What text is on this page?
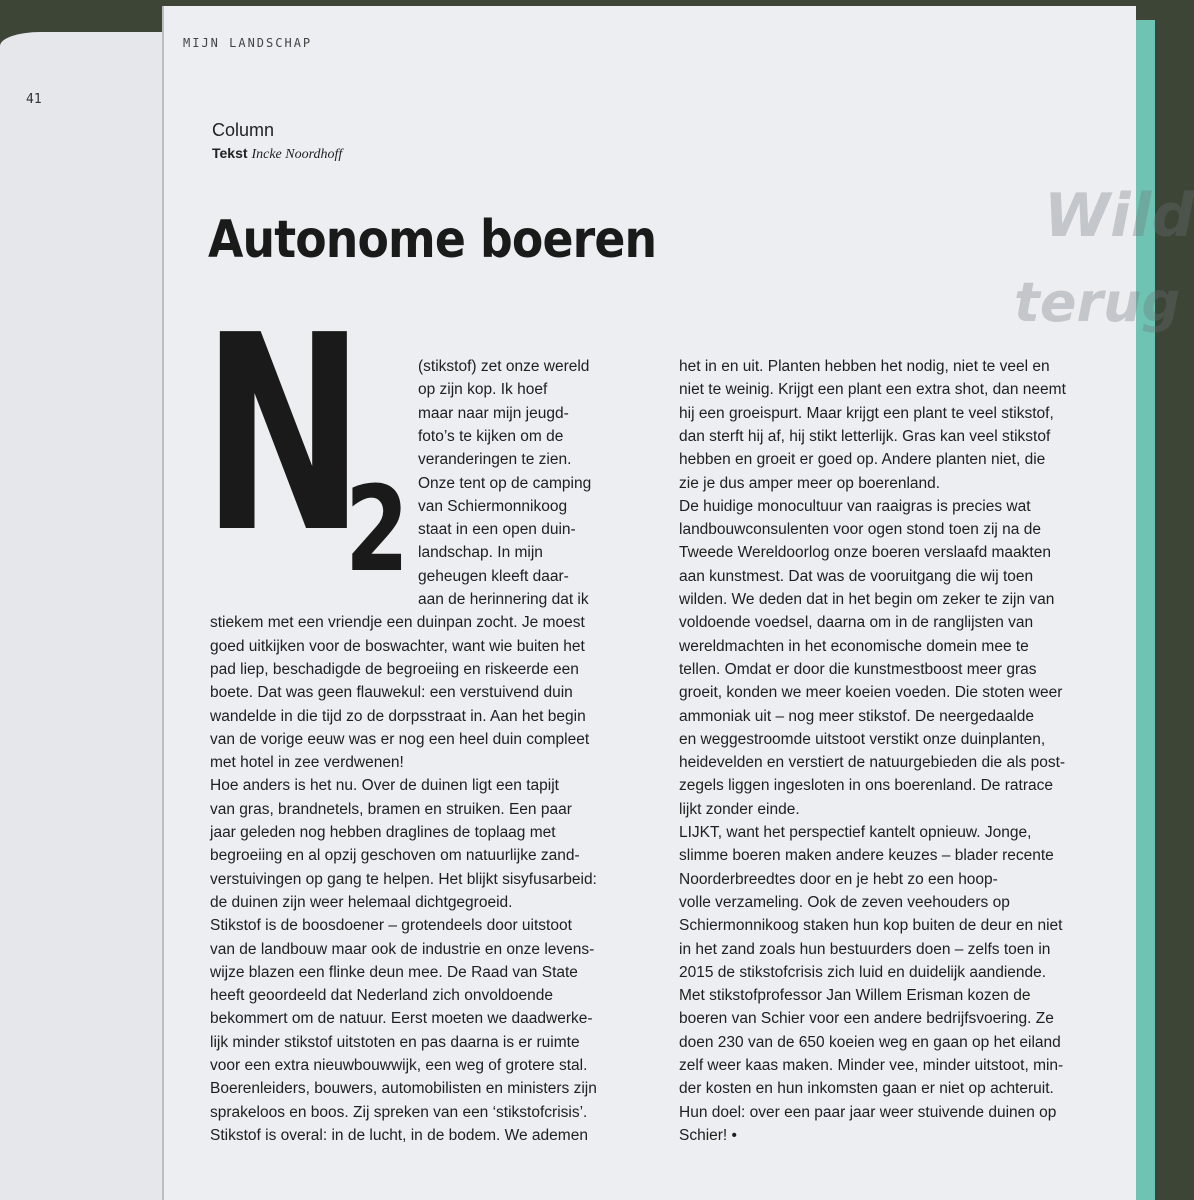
41
Wild
terug
MIJN LANDSCHAP
Column
Tekst Incke Noordhoff
Autonome boeren
N
2
(stikstof) zet onze wereld
op zijn kop. Ik hoef
maar naar mijn jeugd-
foto’s te kijken om de
veranderingen te zien.
Onze tent op de camping
van Schiermonnikoog
staat in een open duin-
landschap. In mijn
geheugen kleeft daar-
aan de herinnering dat ik
stiekem met een vriendje een duinpan zocht. Je moest
goed uitkijken voor de boswachter, want wie buiten het
pad liep, beschadigde de begroeiing en riskeerde een
boete. Dat was geen flauwekul: een verstuivend duin
wandelde in die tijd zo de dorpsstraat in. Aan het begin
van de vorige eeuw was er nog een heel duin compleet
met hotel in zee verdwenen!
Hoe anders is het nu. Over de duinen ligt een tapijt
van gras, brandnetels, bramen en struiken. Een paar
jaar geleden nog hebben draglines de toplaag met
begroeiing en al opzij geschoven om natuurlijke zand-
verstuivingen op gang te helpen. Het blijkt sisyfusarbeid:
de duinen zijn weer helemaal dichtgegroeid.
Stikstof is de boosdoener – grotendeels door uitstoot
van de landbouw maar ook de industrie en onze levens-
wijze blazen een flinke deun mee. De Raad van State
heeft geoordeeld dat Nederland zich onvoldoende
bekommert om de natuur. Eerst moeten we daadwerke-
lijk minder stikstof uitstoten en pas daarna is er ruimte
voor een extra nieuwbouwwijk, een weg of grotere stal.
Boerenleiders, bouwers, automobilisten en ministers zijn
sprakeloos en boos. Zij spreken van een ‘stikstofcrisis’.
Stikstof is overal: in de lucht, in de bodem. We ademen
het in en uit. Planten hebben het nodig, niet te veel en
niet te weinig. Krijgt een plant een extra shot, dan neemt
hij een groeispurt. Maar krijgt een plant te veel stikstof,
dan sterft hij af, hij stikt letterlijk. Gras kan veel stikstof
hebben en groeit er goed op. Andere planten niet, die
zie je dus amper meer op boerenland.
De huidige monocultuur van raaigras is precies wat
landbouwconsulenten voor ogen stond toen zij na de
Tweede Wereldoorlog onze boeren verslaafd maakten
aan kunstmest. Dat was de vooruitgang die wij toen
wilden. We deden dat in het begin om zeker te zijn van
voldoende voedsel, daarna om in de ranglijsten van
wereldmachten in het economische domein mee te
tellen. Omdat er door die kunstmestboost meer gras
groeit, konden we meer koeien voeden. Die stoten weer
ammoniak uit – nog meer stikstof. De neergedaalde
en weggestroomde uitstoot verstikt onze duinplanten,
heidevelden en verstiert de natuurgebieden die als post-
zegels liggen ingesloten in ons boerenland. De ratrace
lijkt zonder einde.
LIJKT, want het perspectief kantelt opnieuw. Jonge,
slimme boeren maken andere keuzes – blader recente
Noorderbreedtes door en je hebt zo een hoop-
volle verzameling. Ook de zeven veehouders op
Schiermonnikoog staken hun kop buiten de deur en niet
in het zand zoals hun bestuurders doen – zelfs toen in
2015 de stikstofcrisis zich luid en duidelijk aandiende.
Met stikstofprofessor Jan Willem Erisman kozen de
boeren van Schier voor een andere bedrijfsvoering. Ze
doen 230 van de 650 koeien weg en gaan op het eiland
zelf weer kaas maken. Minder vee, minder uitstoot, min-
der kosten en hun inkomsten gaan er niet op achteruit.
Hun doel: over een paar jaar weer stuivende duinen op
Schier! •
